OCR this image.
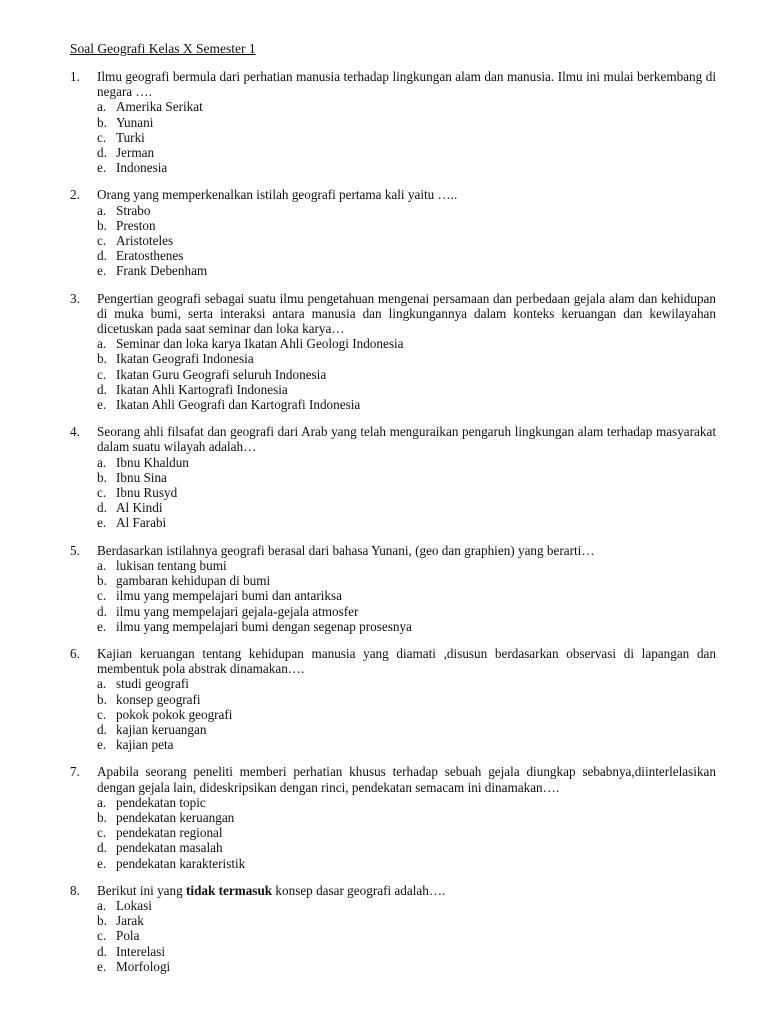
Soal Geografi Kelas X Semester 1
1. Ilmu geografi bermula dari perhatian manusia terhadap lingkungan alam dan manusia. Ilmu ini mulai berkembang di negara ….
a. Amerika Serikat
b. Yunani
c. Turki
d. Jerman
e. Indonesia
2. Orang yang memperkenalkan istilah geografi pertama kali yaitu …..
a. Strabo
b. Preston
c. Aristoteles
d. Eratosthenes
e. Frank Debenham
3. Pengertian geografi sebagai suatu ilmu pengetahuan mengenai persamaan dan perbedaan gejala alam dan kehidupan di muka bumi, serta interaksi antara manusia dan lingkungannya dalam konteks keruangan dan kewilayahan dicetuskan pada saat seminar dan loka karya…
a. Seminar dan loka karya Ikatan Ahli Geologi Indonesia
b. Ikatan Geografi Indonesia
c. Ikatan Guru Geografi seluruh Indonesia
d. Ikatan Ahli Kartografi Indonesia
e. Ikatan Ahli Geografi dan Kartografi Indonesia
4. Seorang ahli filsafat dan geografi dari Arab yang telah menguraikan pengaruh lingkungan alam terhadap masyarakat dalam suatu wilayah adalah…
a. Ibnu Khaldun
b. Ibnu Sina
c. Ibnu Rusyd
d. Al Kindi
e. Al Farabi
5. Berdasarkan istilahnya geografi berasal dari bahasa Yunani, (geo dan graphien) yang berarti…
a. lukisan tentang bumi
b. gambaran kehidupan di bumi
c. ilmu yang mempelajari bumi dan antariksa
d. ilmu yang mempelajari gejala-gejala atmosfer
e. ilmu yang mempelajari bumi dengan segenap prosesnya
6. Kajian keruangan tentang kehidupan manusia yang diamati ,disusun berdasarkan observasi di lapangan dan membentuk pola abstrak dinamakan….
a. studi geografi
b. konsep geografi
c. pokok pokok geografi
d. kajian keruangan
e. kajian peta
7. Apabila seorang peneliti memberi perhatian khusus terhadap sebuah gejala diungkap sebabnya,diinterlelasikan dengan gejala lain, dideskripsikan dengan rinci, pendekatan semacam ini dinamakan….
a. pendekatan topic
b. pendekatan keruangan
c. pendekatan regional
d. pendekatan masalah
e. pendekatan karakteristik
8. Berikut ini yang tidak termasuk konsep dasar geografi adalah….
a. Lokasi
b. Jarak
c. Pola
d. Interelasi
e. Morfologi
